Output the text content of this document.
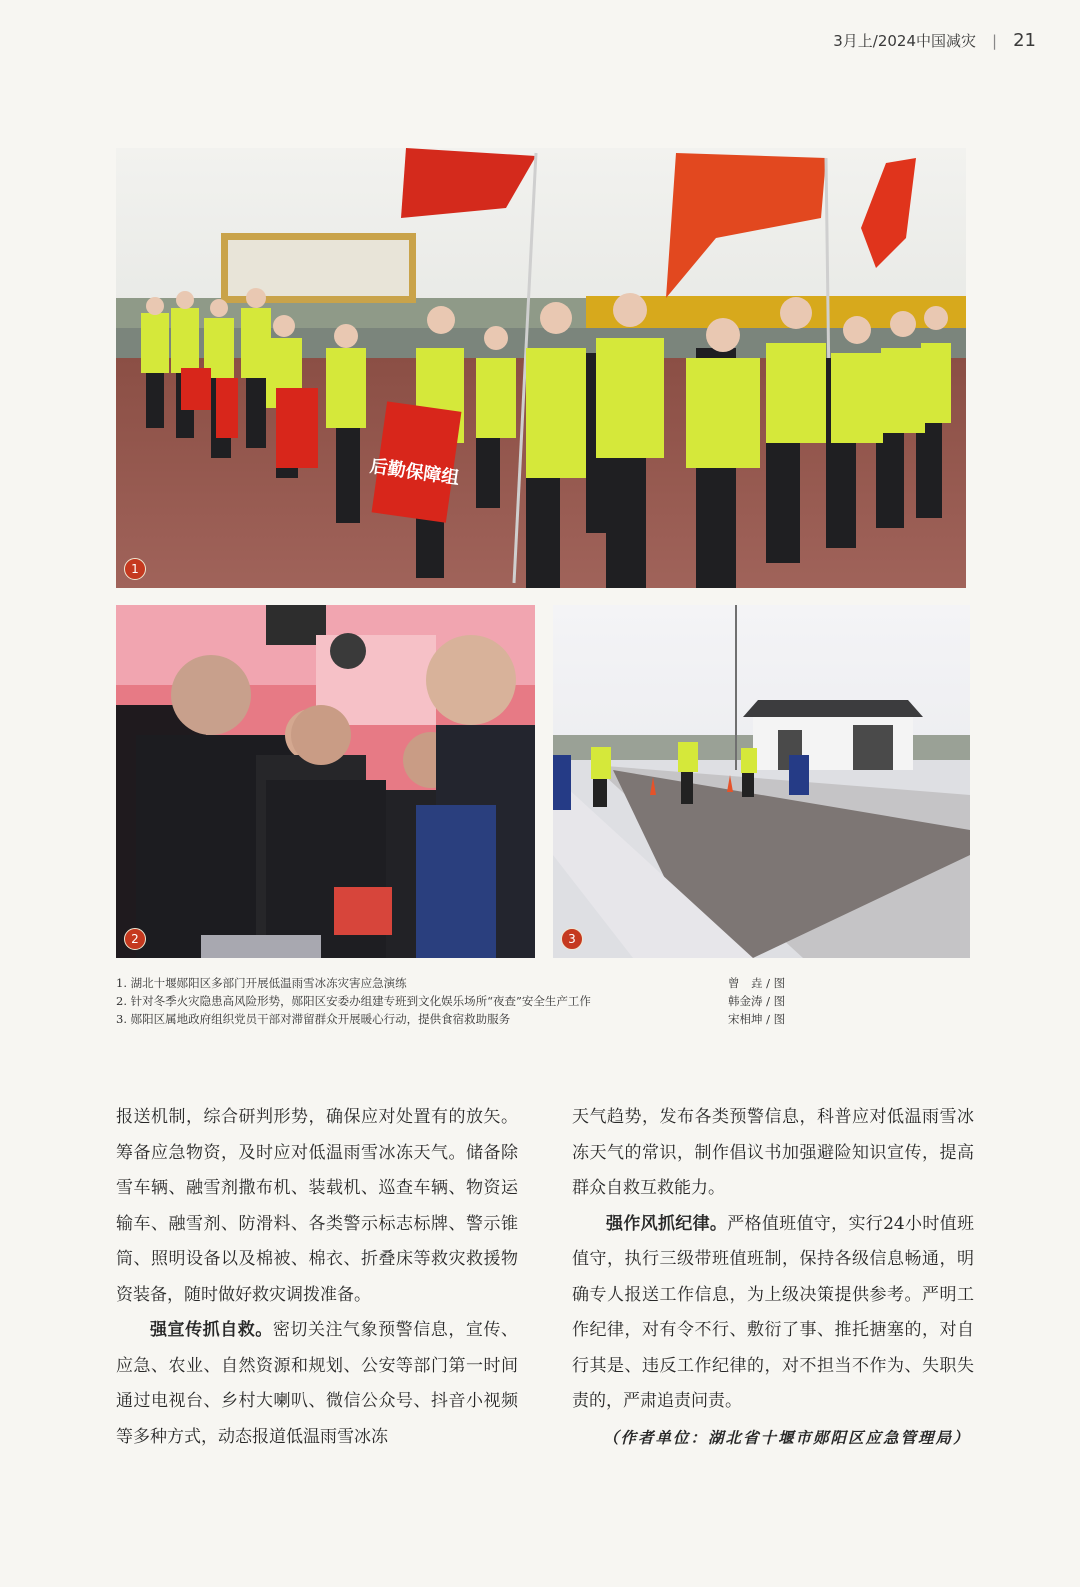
3月上/2024中国减灾 | 21
后勤保障组
1
2	3
1. 湖北十堰郧阳区多部门开展低温雨雪冰冻灾害应急演练	曾　垚 / 图
2. 针对冬季火灾隐患高风险形势，郧阳区安委办组建专班到文化娱乐场所“夜查”安全生产工作	韩金涛 / 图
3. 郧阳区属地政府组织党员干部对滞留群众开展暖心行动，提供食宿救助服务	宋相坤 / 图

报送机制，综合研判形势，确保应对处置有的放矢。筹备应急物资，及时应对低温雨雪冰冻天气。储备除雪车辆、融雪剂撒布机、装载机、巡查车辆、物资运输车、融雪剂、防滑料、各类警示标志标牌、警示锥筒、照明设备以及棉被、棉衣、折叠床等救灾救援物资装备，随时做好救灾调拨准备。

强宣传抓自救。密切关注气象预警信息，宣传、应急、农业、自然资源和规划、公安等部门第一时间通过电视台、乡村大喇叭、微信公众号、抖音小视频等多种方式，动态报道低温雨雪冰冻

天气趋势，发布各类预警信息，科普应对低温雨雪冰冻天气的常识，制作倡议书加强避险知识宣传，提高群众自救互救能力。

强作风抓纪律。严格值班值守，实行24小时值班值守，执行三级带班值班制，保持各级信息畅通，明确专人报送工作信息，为上级决策提供参考。严明工作纪律，对有令不行、敷衍了事、推托搪塞的，对自行其是、违反工作纪律的，对不担当不作为、失职失责的，严肃追责问责。

（作者单位：湖北省十堰市郧阳区应急管理局）
